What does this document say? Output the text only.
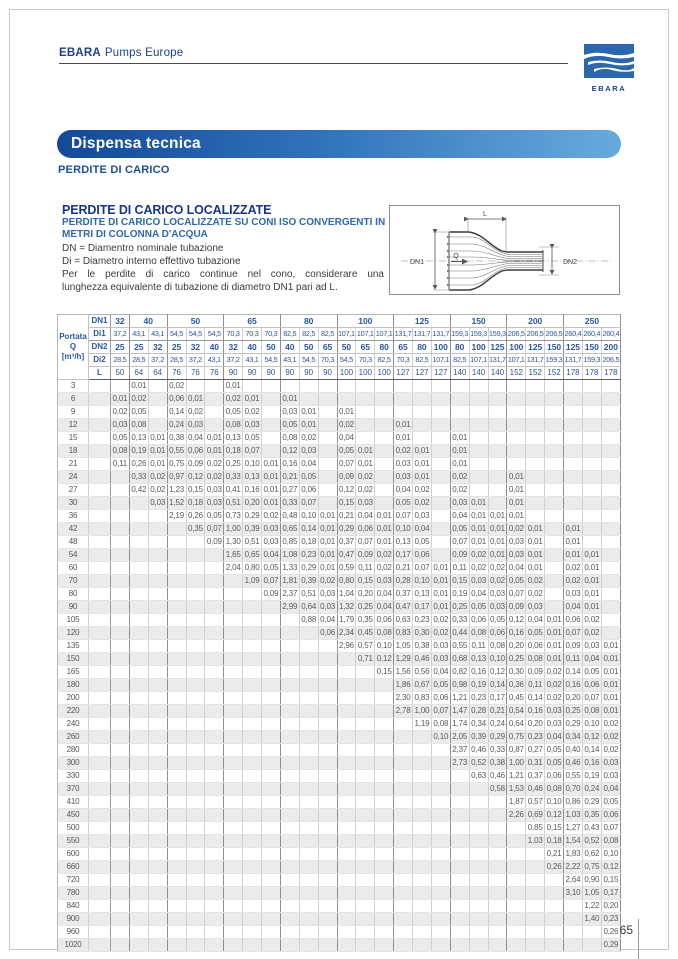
EBARA Pumps Europe
EBARA
Dispensa tecnica
PERDITE DI CARICO
PERDITE DI CARICO LOCALIZZATE
PERDITE DI CARICO LOCALIZZATE SU CONI ISO CONVERGENTI IN
METRI DI COLONNA D'ACQUA
DN = Diamentro nominale tubazione
Di = Diametro interno effettivo tubazione
Per le perdite di carico continue nel cono, considerare una
lunghezza equivalente di tubazione di diametro DN1 pari ad L.
L
DN1	DN2
Q
Portata
Q
[m³/h]	DN1	32	40		50			65			80			100			125			150			200			250		
	Di1	37,2	43,1	43,1	54,5	54,5	54,5	70,3	70,3	70,3	82,5	82,5	82,5	107,1	107,1	107,1	131,7	131,7	131,7	159,3	159,3	159,3	206,5	206,5	206,5	260,4	260,4	260,4
	DN2	25	25	32	25	32	40	32	40	50	40	50	65	50	65	80	65	80	100	80	100	125	100	125	150	125	150	200
	Di2	28,5	28,5	37,2	28,5	37,2	43,1	37,2	43,1	54,5	43,1	54,5	70,3	54,5	70,3	82,5	70,3	82,5	107,1	82,5	107,1	131,7	107,1	131,7	159,3	131,7	159,3	206,5
	L	50	64	64	76	76	76	90	90	90	90	90	90	100	100	100	127	127	127	140	140	140	152	152	152	178	178	178
3			0,01		0,02			0,01																				
6		0,01	0,02		0,06	0,01		0,02	0,01		0,01																	
9		0,02	0,05		0,14	0,02		0,05	0,02		0,03	0,01		0,01														
12		0,03	0,08		0,24	0,03		0,08	0,03		0,05	0,01		0,02			0,01											
15		0,05	0,13	0,01	0,38	0,04	0,01	0,13	0,05		0,08	0,02		0,04			0,01			0,01								
18		0,08	0,19	0,01	0,55	0,06	0,01	0,18	0,07		0,12	0,03		0,05	0,01		0,02	0,01		0,01								
21		0,11	0,26	0,01	0,75	0,09	0,02	0,25	0,10	0,01	0,16	0,04		0,07	0,01		0,03	0,01		0,01								
24			0,33	0,02	0,97	0,12	0,02	0,33	0,13	0,01	0,21	0,05		0,09	0,02		0,03	0,01		0,02			0,01					
27			0,42	0,02	1,23	0,15	0,03	0,41	0,16	0,01	0,27	0,06		0,12	0,02		0,04	0,02		0,02			0,01					
30				0,03	1,52	0,18	0,03	0,51	0,20	0,01	0,33	0,07		0,15	0,03		0,05	0,02		0,03	0,01		0,01					
36					2,19	0,26	0,05	0,73	0,29	0,02	0,48	0,10	0,01	0,21	0,04	0,01	0,07	0,03		0,04	0,01	0,01	0,01					
42						0,35	0,07	1,00	0,39	0,03	0,65	0,14	0,01	0,29	0,06	0,01	0,10	0,04		0,05	0,01	0,01	0,02	0,01		0,01		
48							0,09	1,30	0,51	0,03	0,85	0,18	0,01	0,37	0,07	0,01	0,13	0,05		0,07	0,01	0,01	0,03	0,01		0,01		
54								1,65	0,65	0,04	1,08	0,23	0,01	0,47	0,09	0,02	0,17	0,06		0,09	0,02	0,01	0,03	0,01		0,01	0,01	
60								2,04	0,80	0,05	1,33	0,29	0,01	0,59	0,11	0,02	0,21	0,07	0,01	0,11	0,02	0,02	0,04	0,01		0,02	0,01	
70									1,09	0,07	1,81	0,39	0,02	0,80	0,15	0,03	0,28	0,10	0,01	0,15	0,03	0,02	0,05	0,02		0,02	0,01	
80										0,09	2,37	0,51	0,03	1,04	0,20	0,04	0,37	0,13	0,01	0,19	0,04	0,03	0,07	0,02		0,03	0,01	
90											2,99	0,64	0,03	1,32	0,25	0,04	0,47	0,17	0,01	0,25	0,05	0,03	0,09	0,03		0,04	0,01	
105												0,88	0,04	1,79	0,35	0,06	0,63	0,23	0,02	0,33	0,06	0,05	0,12	0,04	0,01	0,06	0,02	
120													0,06	2,34	0,45	0,08	0,83	0,30	0,02	0,44	0,08	0,06	0,16	0,05	0,01	0,07	0,02	
135														2,96	0,57	0,10	1,05	0,38	0,03	0,55	0,11	0,08	0,20	0,06	0,01	0,09	0,03	0,01
150															0,71	0,12	1,29	0,46	0,03	0,68	0,13	0,10	0,25	0,08	0,01	0,11	0,04	0,01
165																0,15	1,56	0,56	0,04	0,82	0,16	0,12	0,30	0,09	0,02	0,14	0,05	0,01
180																	1,86	0,67	0,05	0,98	0,19	0,14	0,36	0,11	0,02	0,16	0,06	0,01
200																	2,30	0,83	0,06	1,21	0,23	0,17	0,45	0,14	0,02	0,20	0,07	0,01
220																	2,78	1,00	0,07	1,47	0,28	0,21	0,54	0,16	0,03	0,25	0,08	0,01
240																		1,19	0,08	1,74	0,34	0,24	0,64	0,20	0,03	0,29	0,10	0,02
260																			0,10	2,05	0,39	0,29	0,75	0,23	0,04	0,34	0,12	0,02
280																				2,37	0,46	0,33	0,87	0,27	0,05	0,40	0,14	0,02
300																				2,73	0,52	0,38	1,00	0,31	0,05	0,46	0,16	0,03
330																					0,63	0,46	1,21	0,37	0,06	0,55	0,19	0,03
370																						0,58	1,53	0,46	0,08	0,70	0,24	0,04
410																							1,87	0,57	0,10	0,86	0,29	0,05
450																							2,26	0,69	0,12	1,03	0,35	0,06
500																								0,85	0,15	1,27	0,43	0,07
550																								1,03	0,18	1,54	0,52	0,08
600																									0,21	1,83	0,62	0,10
660																									0,26	2,22	0,75	0,12
720																										2,64	0,90	0,15
780																										3,10	1,05	0,17
840																											1,22	0,20
900																											1,40	0,23
960																												0,26
1020																												0,29
65
